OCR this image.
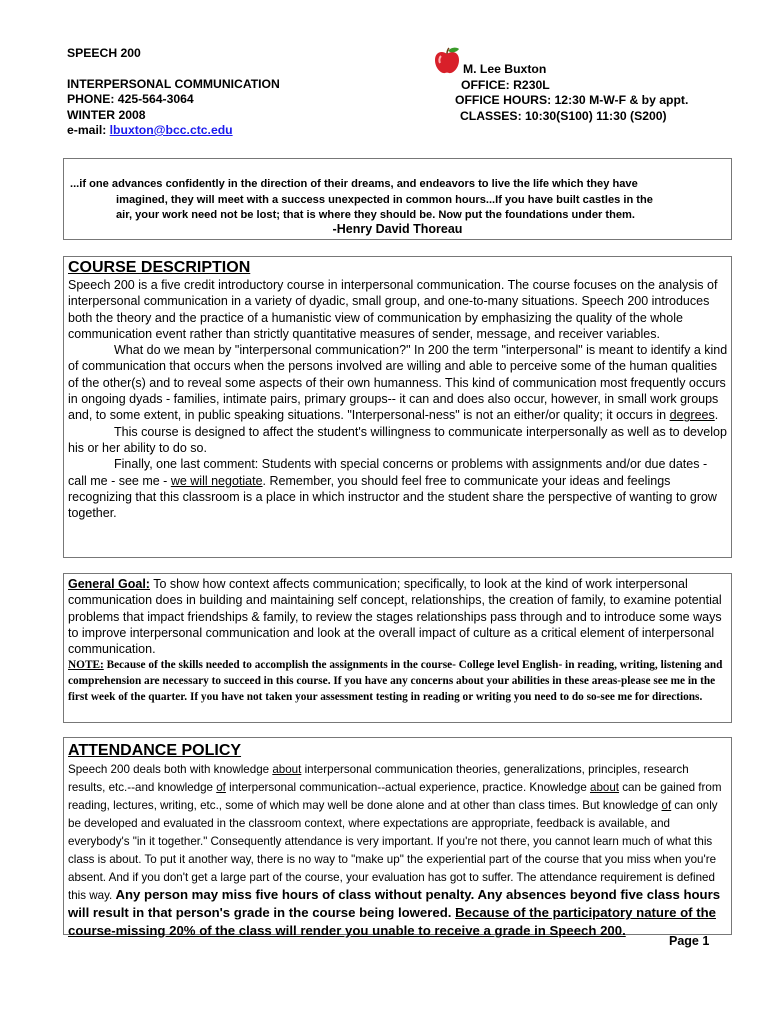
SPEECH 200
INTERPERSONAL COMMUNICATION
PHONE: 425-564-3064
WINTER 2008
e-mail: lbuxton@bcc.ctc.edu
M. Lee Buxton
OFFICE: R230L
OFFICE HOURS: 12:30 M-W-F & by appt.
CLASSES: 10:30(S100) 11:30 (S200)
...if one advances confidently in the direction of their dreams, and endeavors to live the life which they have
imagined, they will meet with a success unexpected in common hours...If you have built castles in the
air, your work need not be lost; that is where they should be. Now put the foundations under them.
-Henry David Thoreau
COURSE DESCRIPTION
Speech 200 is a five credit introductory course in interpersonal communication. The course focuses on the analysis of interpersonal communication in a variety of dyadic, small group, and one-to-many situations. Speech 200 introduces both the theory and the practice of a humanistic view of communication by emphasizing the quality of the whole communication event rather than strictly quantitative measures of sender, message, and receiver variables.
What do we mean by "interpersonal communication?" In 200 the term "interpersonal" is meant to identify a kind of communication that occurs when the persons involved are willing and able to perceive some of the human qualities of the other(s) and to reveal some aspects of their own humanness. This kind of communication most frequently occurs in ongoing dyads - families, intimate pairs, primary groups-- it can and does also occur, however, in small work groups and, to some extent, in public speaking situations. "Interpersonal-ness" is not an either/or quality; it occurs in degrees.
This course is designed to affect the student's willingness to communicate interpersonally as well as to develop his or her ability to do so.
Finally, one last comment: Students with special concerns or problems with assignments and/or due dates - call me - see me - we will negotiate. Remember, you should feel free to communicate your ideas and feelings recognizing that this classroom is a place in which instructor and the student share the perspective of wanting to grow together.
General Goal: To show how context affects communication; specifically, to look at the kind of work interpersonal communication does in building and maintaining self concept, relationships, the creation of family, to examine potential problems that impact friendships & family, to review the stages relationships pass through and to introduce some ways to improve interpersonal communication and look at the overall impact of culture as a critical element of interpersonal communication.
NOTE: Because of the skills needed to accomplish the assignments in the course- College level English- in reading, writing, listening and comprehension are necessary to succeed in this course. If you have any concerns about your abilities in these areas-please see me in the first week of the quarter. If you have not taken your assessment testing in reading or writing you need to do so-see me for directions.
ATTENDANCE POLICY
Speech 200 deals both with knowledge about interpersonal communication theories, generalizations, principles, research results, etc.--and knowledge of interpersonal communication--actual experience, practice. Knowledge about can be gained from reading, lectures, writing, etc., some of which may well be done alone and at other than class times. But knowledge of can only be developed and evaluated in the classroom context, where expectations are appropriate, feedback is available, and everybody's "in it together." Consequently attendance is very important. If you're not there, you cannot learn much of what this class is about. To put it another way, there is no way to "make up" the experiential part of the course that you miss when you're absent. And if you don't get a large part of the course, your evaluation has got to suffer. The attendance requirement is defined this way. Any person may miss five hours of class without penalty. Any absences beyond five class hours will result in that person's grade in the course being lowered. Because of the participatory nature of the course-missing 20% of the class will render you unable to receive a grade in Speech 200.
Page 1
